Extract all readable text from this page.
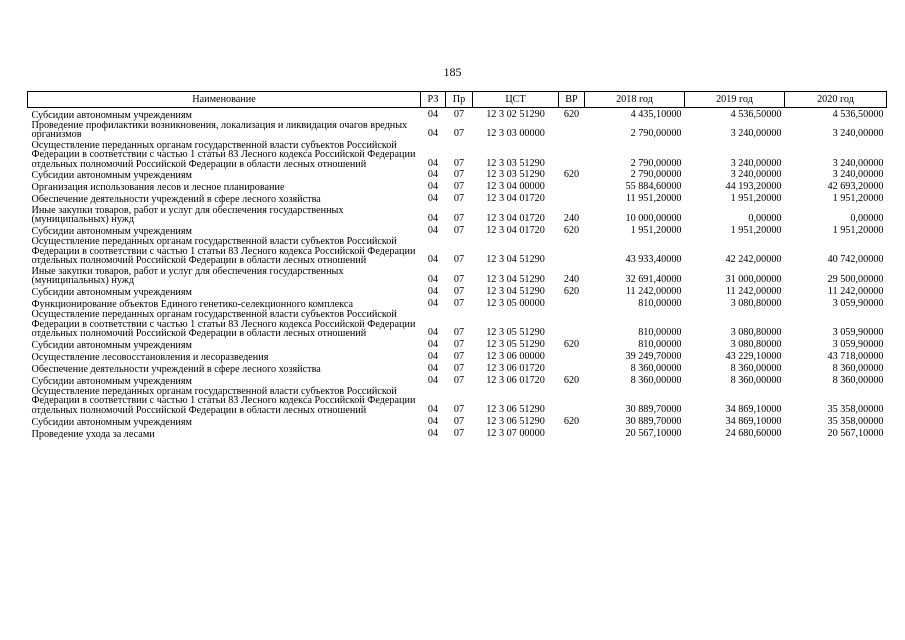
185
Наименование	РЗ	Пр	ЦСТ	ВР	2018 год	2019 год	2020 год
Субсидии автономным учреждениям	04	07	12 3 02 51290	620	4 435,10000	4 536,50000	4 536,50000
Проведение профилактики возникновения, локализация и ликвидация очагов вредных организмов	04	07	12 3 03 00000		2 790,00000	3 240,00000	3 240,00000
Осуществление переданных органам государственной власти субъектов Российской Федерации в соответствии с частью 1 статьи 83 Лесного кодекса Российской Федерации отдельных полномочий Российской Федерации в области лесных отношений	04	07	12 3 03 51290		2 790,00000	3 240,00000	3 240,00000
Субсидии автономным учреждениям	04	07	12 3 03 51290	620	2 790,00000	3 240,00000	3 240,00000
Организация использования лесов и лесное планирование	04	07	12 3 04 00000		55 884,60000	44 193,20000	42 693,20000
Обеспечение деятельности учреждений в сфере лесного хозяйства	04	07	12 3 04 01720		11 951,20000	1 951,20000	1 951,20000
Иные закупки товаров, работ и услуг для обеспечения государственных (муниципальных) нужд	04	07	12 3 04 01720	240	10 000,00000	0,00000	0,00000
Субсидии автономным учреждениям	04	07	12 3 04 01720	620	1 951,20000	1 951,20000	1 951,20000
Осуществление переданных органам государственной власти субъектов Российской Федерации в соответствии с частью 1 статьи 83 Лесного кодекса Российской Федерации отдельных полномочий Российской Федерации в области лесных отношений	04	07	12 3 04 51290		43 933,40000	42 242,00000	40 742,00000
Иные закупки товаров, работ и услуг для обеспечения государственных (муниципальных) нужд	04	07	12 3 04 51290	240	32 691,40000	31 000,00000	29 500,00000
Субсидии автономным учреждениям	04	07	12 3 04 51290	620	11 242,00000	11 242,00000	11 242,00000
Функционирование объектов Единого генетико-селекционного комплекса	04	07	12 3 05 00000		810,00000	3 080,80000	3 059,90000
Осуществление переданных органам государственной власти субъектов Российской Федерации в соответствии с частью 1 статьи 83 Лесного кодекса Российской Федерации отдельных полномочий Российской Федерации в области лесных отношений	04	07	12 3 05 51290		810,00000	3 080,80000	3 059,90000
Субсидии автономным учреждениям	04	07	12 3 05 51290	620	810,00000	3 080,80000	3 059,90000
Осуществление лесовосстановления и лесоразведения	04	07	12 3 06 00000		39 249,70000	43 229,10000	43 718,00000
Обеспечение деятельности учреждений в сфере лесного хозяйства	04	07	12 3 06 01720		8 360,00000	8 360,00000	8 360,00000
Субсидии автономным учреждениям	04	07	12 3 06 01720	620	8 360,00000	8 360,00000	8 360,00000
Осуществление переданных органам государственной власти субъектов Российской Федерации в соответствии с частью 1 статьи 83 Лесного кодекса Российской Федерации отдельных полномочий Российской Федерации в области лесных отношений	04	07	12 3 06 51290		30 889,70000	34 869,10000	35 358,00000
Субсидии автономным учреждениям	04	07	12 3 06 51290	620	30 889,70000	34 869,10000	35 358,00000
Проведение ухода за лесами	04	07	12 3 07 00000		20 567,10000	24 680,60000	20 567,10000
